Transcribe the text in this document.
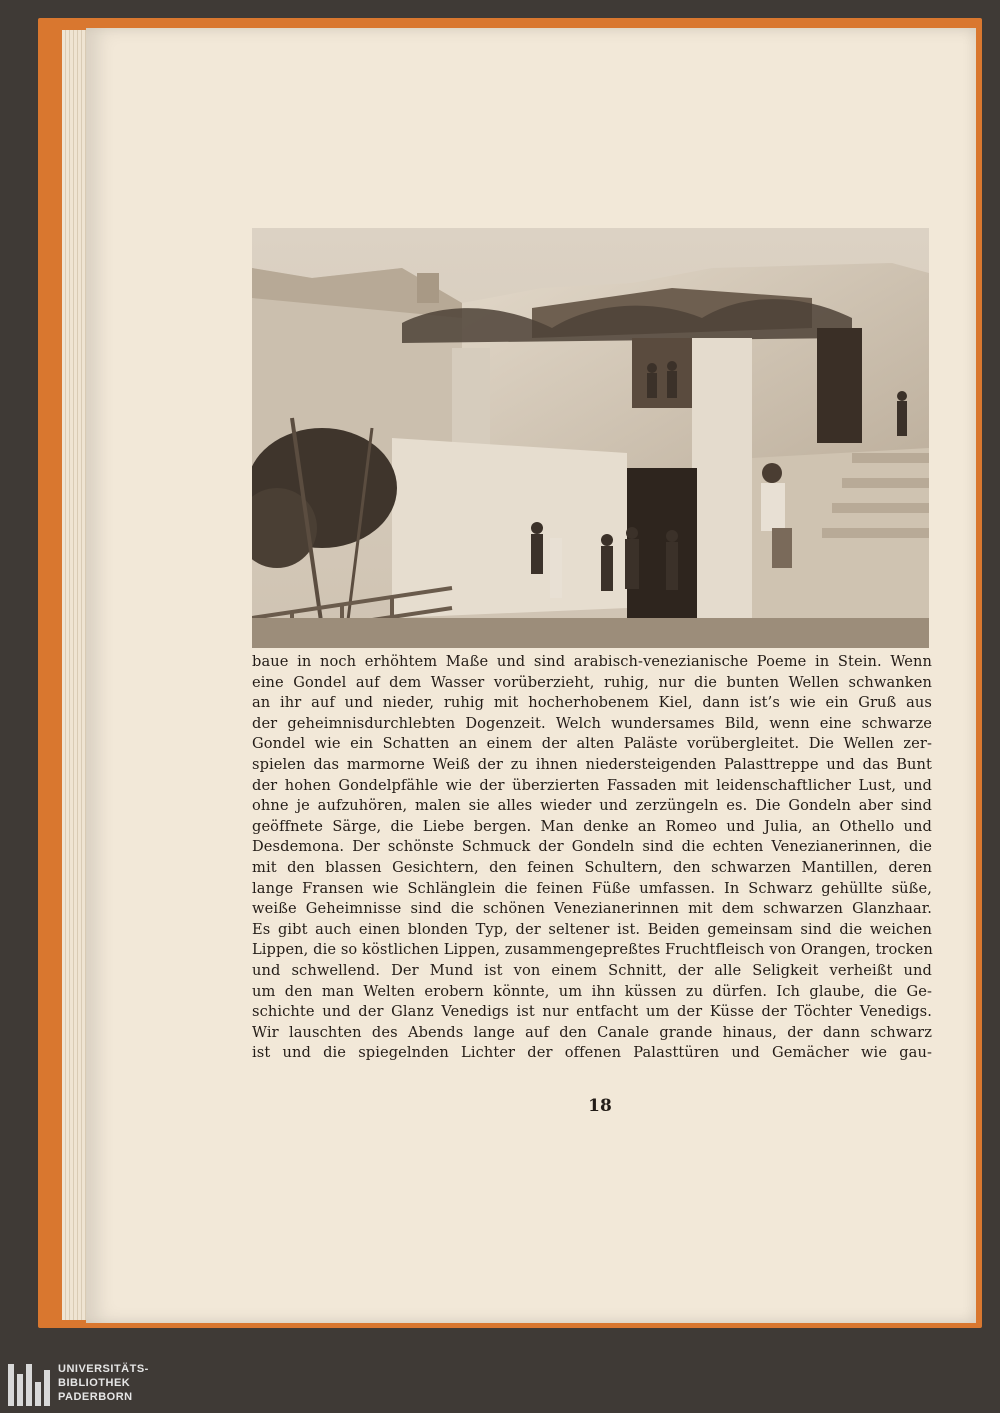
baue in noch erhöhtem Maße und sind arabisch-venezianische Poeme in Stein. Wenn
eine Gondel auf dem Wasser vorüberzieht, ruhig, nur die bunten Wellen schwanken
an ihr auf und nieder, ruhig mit hocherhobenem Kiel, dann ist’s wie ein Gruß aus
der geheimnisdurchlebten Dogenzeit. Welch wundersames Bild, wenn eine schwarze
Gondel wie ein Schatten an einem der alten Paläste vorübergleitet. Die Wellen zer-
spielen das marmorne Weiß der zu ihnen niedersteigenden Palasttreppe und das Bunt
der hohen Gondelpfähle wie der überzierten Fassaden mit leidenschaftlicher Lust, und
ohne je aufzuhören, malen sie alles wieder und zerzüngeln es. Die Gondeln aber sind
geöffnete Särge, die Liebe bergen. Man denke an Romeo und Julia, an Othello und
Desdemona. Der schönste Schmuck der Gondeln sind die echten Venezianerinnen, die
mit den blassen Gesichtern, den feinen Schultern, den schwarzen Mantillen, deren
lange Fransen wie Schlänglein die feinen Füße umfassen. In Schwarz gehüllte süße,
weiße Geheimnisse sind die schönen Venezianerinnen mit dem schwarzen Glanzhaar.
Es gibt auch einen blonden Typ, der seltener ist. Beiden gemeinsam sind die weichen
Lippen, die so köstlichen Lippen, zusammengepreßtes Fruchtfleisch von Orangen, trocken
und schwellend. Der Mund ist von einem Schnitt, der alle Seligkeit verheißt und
um den man Welten erobern könnte, um ihn küssen zu dürfen. Ich glaube, die Ge-
schichte und der Glanz Venedigs ist nur entfacht um der Küsse der Töchter Venedigs.
Wir lauschten des Abends lange auf den Canale grande hinaus, der dann schwarz
ist und die spiegelnden Lichter der offenen Palasttüren und Gemächer wie gau-
18
UNIVERSITÄTS-
BIBLIOTHEK
PADERBORN
